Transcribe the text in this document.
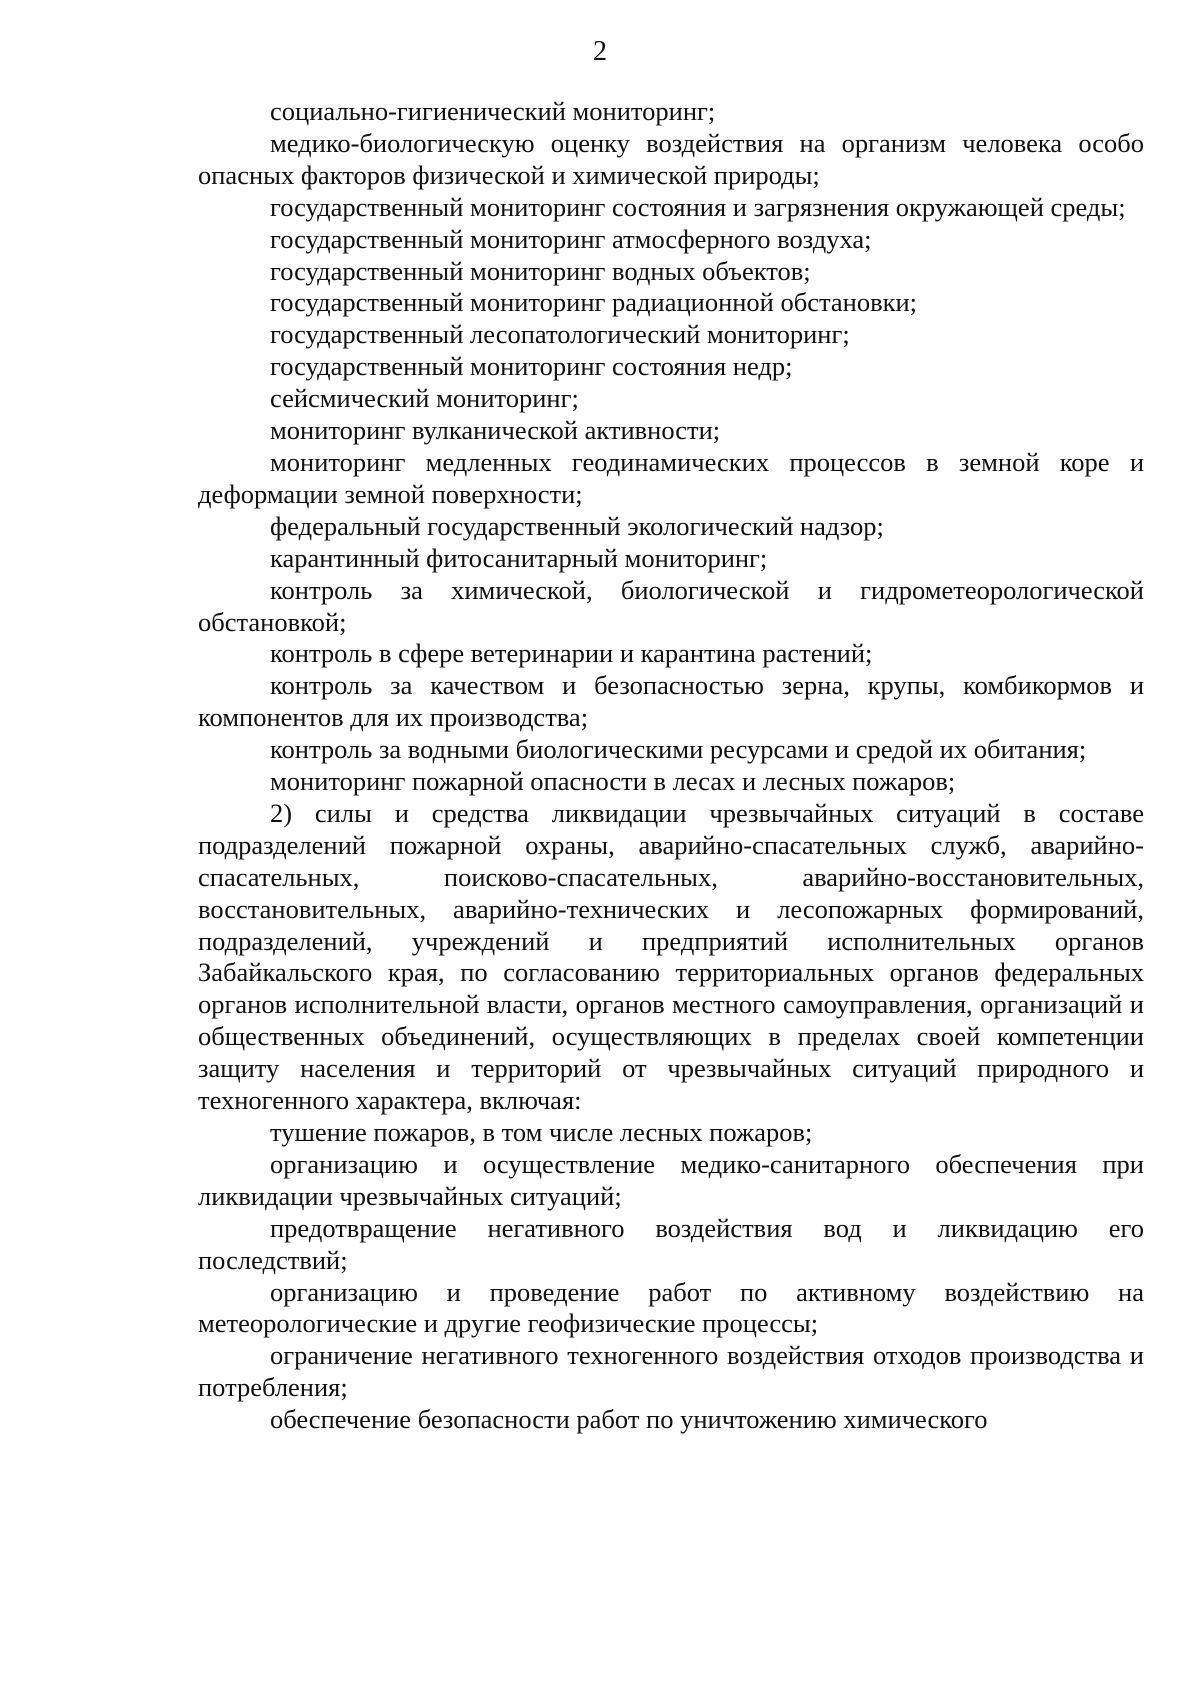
2

социально-гигиенический мониторинг;

медико-биологическую оценку воздействия на организм человека особо опасных факторов физической и химической природы;

государственный мониторинг состояния и загрязнения окружающей среды;

государственный мониторинг атмосферного воздуха;

государственный мониторинг водных объектов;

государственный мониторинг радиационной обстановки;

государственный лесопатологический мониторинг;

государственный мониторинг состояния недр;

сейсмический мониторинг;

мониторинг вулканической активности;

мониторинг медленных геодинамических процессов в земной коре и деформации земной поверхности;

федеральный государственный экологический надзор;

карантинный фитосанитарный мониторинг;

контроль за химической, биологической и гидрометеорологической обстановкой;

контроль в сфере ветеринарии и карантина растений;

контроль за качеством и безопасностью зерна, крупы, комбикормов и компонентов для их производства;

контроль за водными биологическими ресурсами и средой их обитания;

мониторинг пожарной опасности в лесах и лесных пожаров;

2) силы и средства ликвидации чрезвычайных ситуаций в составе подразделений пожарной охраны, аварийно-спасательных служб, аварийно-спасательных, поисково-спасательных, аварийно-восстановительных, восстановительных, аварийно-технических и лесопожарных формирований, подразделений, учреждений и предприятий исполнительных органов Забайкальского края, по согласованию территориальных органов федеральных органов исполнительной власти, органов местного самоуправления, организаций и общественных объединений, осуществляющих в пределах своей компетенции защиту населения и территорий от чрезвычайных ситуаций природного и техногенного характера, включая:

тушение пожаров, в том числе лесных пожаров;

организацию и осуществление медико-санитарного обеспечения при ликвидации чрезвычайных ситуаций;

предотвращение негативного воздействия вод и ликвидацию его последствий;

организацию и проведение работ по активному воздействию на метеорологические и другие геофизические процессы;

ограничение негативного техногенного воздействия отходов производства и потребления;

обеспечение безопасности работ по уничтожению химического
